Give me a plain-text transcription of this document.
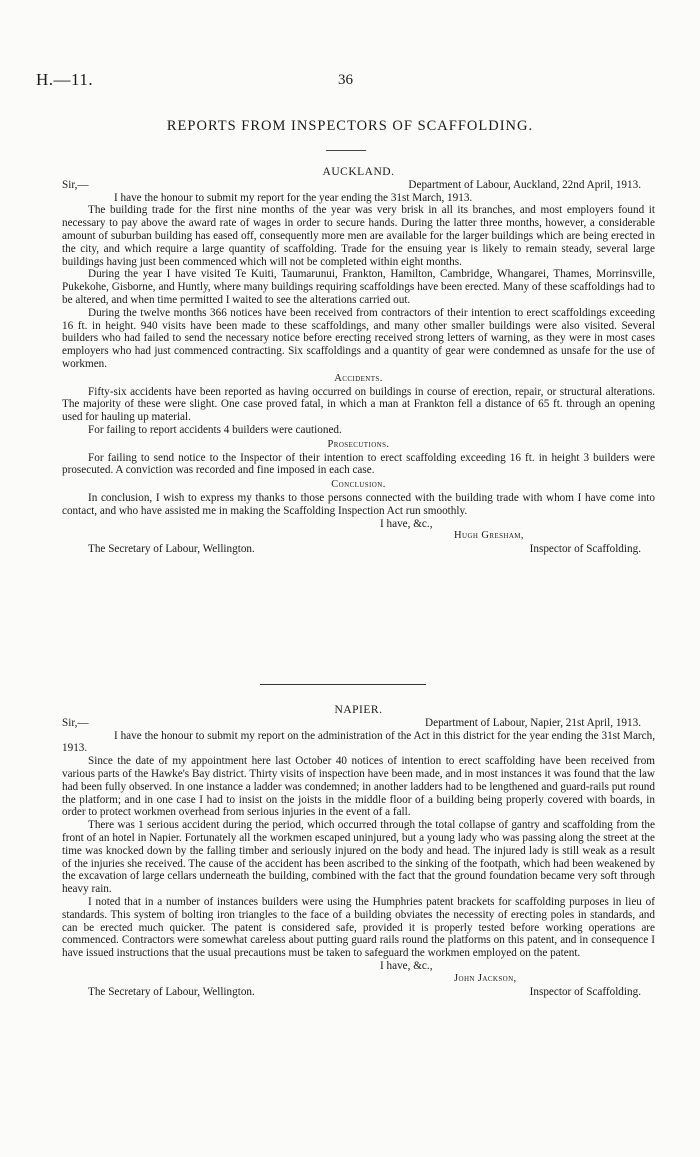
H.—11.	36
REPORTS FROM INSPECTORS OF SCAFFOLDING.
AUCKLAND.
Sir,—	Department of Labour, Auckland, 22nd April, 1913.

I have the honour to submit my report for the year ending the 31st March, 1913.

The building trade for the first nine months of the year was very brisk in all its branches, and most employers found it necessary to pay above the award rate of wages in order to secure hands. During the latter three months, however, a considerable amount of suburban building has eased off, consequently more men are available for the larger buildings which are being erected in the city, and which require a large quantity of scaffolding. Trade for the ensuing year is likely to remain steady, several large buildings having just been commenced which will not be completed within eight months.

During the year I have visited Te Kuiti, Taumarunui, Frankton, Hamilton, Cambridge, Whangarei, Thames, Morrinsville, Pukekohe, Gisborne, and Huntly, where many buildings requiring scaffoldings have been erected. Many of these scaffoldings had to be altered, and when time permitted I waited to see the alterations carried out.

During the twelve months 366 notices have been received from contractors of their intention to erect scaffoldings exceeding 16 ft. in height. 940 visits have been made to these scaffoldings, and many other smaller buildings were also visited. Several builders who had failed to send the necessary notice before erecting received strong letters of warning, as they were in most cases employers who had just commenced contracting. Six scaffoldings and a quantity of gear were condemned as unsafe for the use of workmen.

Accidents.

Fifty-six accidents have been reported as having occurred on buildings in course of erection, repair, or structural alterations. The majority of these were slight. One case proved fatal, in which a man at Frankton fell a distance of 65 ft. through an opening used for hauling up material.

For failing to report accidents 4 builders were cautioned.

Prosecutions.

For failing to send notice to the Inspector of their intention to erect scaffolding exceeding 16 ft. in height 3 builders were prosecuted. A conviction was recorded and fine imposed in each case.

Conclusion.

In conclusion, I wish to express my thanks to those persons connected with the building trade with whom I have come into contact, and who have assisted me in making the Scaffolding Inspection Act run smoothly.

I have, &c.,
Hugh Gresham,
The Secretary of Labour, Wellington.	Inspector of Scaffolding.
NAPIER.
Sir,—	Department of Labour, Napier, 21st April, 1913.

I have the honour to submit my report on the administration of the Act in this district for the year ending the 31st March, 1913.

Since the date of my appointment here last October 40 notices of intention to erect scaffolding have been received from various parts of the Hawke's Bay district. Thirty visits of inspection have been made, and in most instances it was found that the law had been fully observed. In one instance a ladder was condemned; in another ladders had to be lengthened and guard-rails put round the platform; and in one case I had to insist on the joists in the middle floor of a building being properly covered with boards, in order to protect workmen overhead from serious injuries in the event of a fall.

There was 1 serious accident during the period, which occurred through the total collapse of gantry and scaffolding from the front of an hotel in Napier. Fortunately all the workmen escaped uninjured, but a young lady who was passing along the street at the time was knocked down by the falling timber and seriously injured on the body and head. The injured lady is still weak as a result of the injuries she received. The cause of the accident has been ascribed to the sinking of the footpath, which had been weakened by the excavation of large cellars underneath the building, combined with the fact that the ground foundation became very soft through heavy rain.

I noted that in a number of instances builders were using the Humphries patent brackets for scaffolding purposes in lieu of standards. This system of bolting iron triangles to the face of a building obviates the necessity of erecting poles in standards, and can be erected much quicker. The patent is considered safe, provided it is properly tested before working operations are commenced. Contractors were somewhat careless about putting guard rails round the platforms on this patent, and in consequence I have issued instructions that the usual precautions must be taken to safeguard the workmen employed on the patent.

I have, &c.,
John Jackson,
The Secretary of Labour, Wellington.	Inspector of Scaffolding.
